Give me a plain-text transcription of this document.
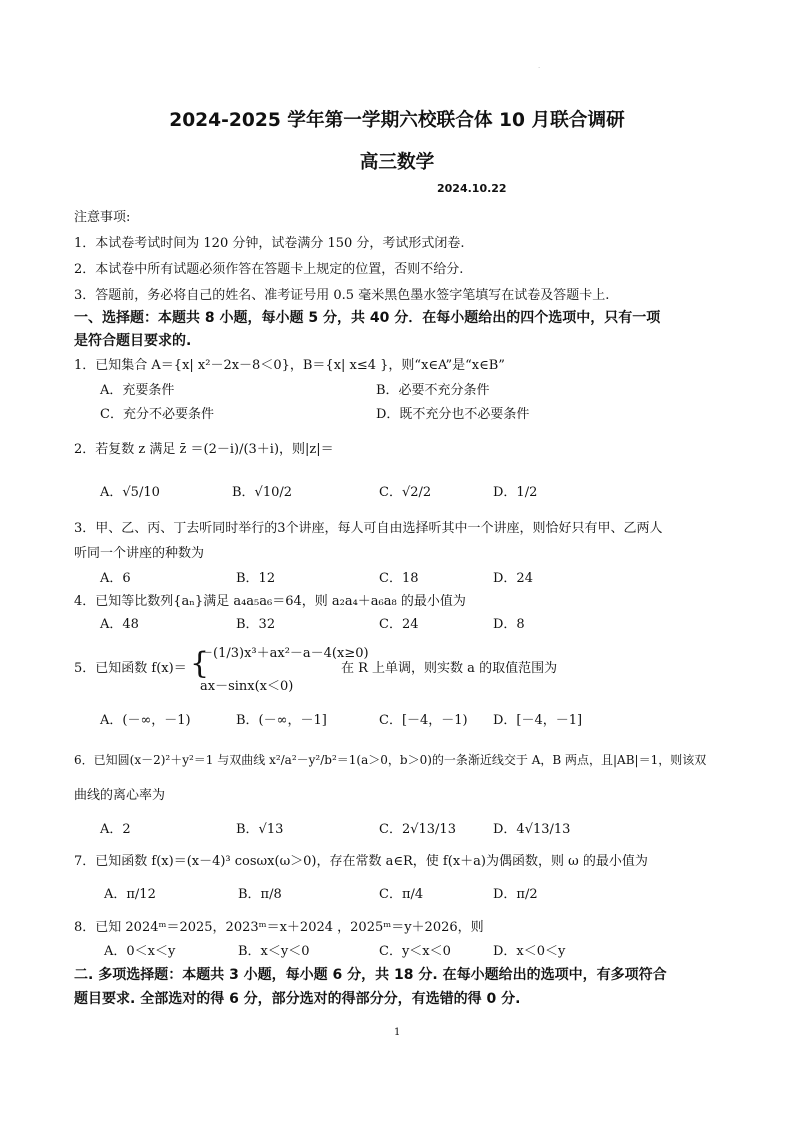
·
2024-2025 学年第一学期六校联合体 10 月联合调研
高三数学
2024.10.22
注意事项:
1．本试卷考试时间为 120 分钟，试卷满分 150 分，考试形式闭卷.
2．本试卷中所有试题必须作答在答题卡上规定的位置，否则不给分.
3．答题前，务必将自己的姓名、准考证号用 0.5 毫米黑色墨水签字笔填写在试卷及答题卡上.
一、选择题：本题共 8 小题，每小题 5 分，共 40 分．在每小题给出的四个选项中，只有一项
是符合题目要求的.
1．已知集合 A＝{x| x²－2x－8＜0}，B＝{x| x≤4 }，则“x∈A”是“x∈B”
A．充要条件	B．必要不充分条件
C．充分不必要条件	D．既不充分也不必要条件
2．若复数 z 满足 z̄ ＝(2－i)/(3＋i)，则|z|＝
A．√5/10	B．√10/2	C．√2/2	D．1/2
3．甲、乙、丙、丁去听同时举行的3个讲座，每人可自由选择听其中一个讲座，则恰好只有甲、乙两人
听同一个讲座的种数为
A．6	B．12	C．18	D．24
4．已知等比数列{aₙ}满足 a₄a₅a₆＝64，则 a₂a₄＋a₆a₈ 的最小值为
A．48	B．32	C．24	D．8
5．已知函数 f(x)＝ {
－(1/3)x³＋ax²－a－4(x≥0)
ax－sinx(x＜0)
在 R 上单调，则实数 a 的取值范围为
A．(－∞，－1)	B．(－∞，－1]	C．[－4，－1) D．[－4，－1]
6．已知圆(x－2)²＋y²＝1 与双曲线 x²/a²－y²/b²＝1(a＞0，b＞0)的一条渐近线交于 A，B 两点，且|AB|＝1，则该双
曲线的离心率为
A．2	B．√13	C．2√13/13	D．4√13/13
7．已知函数 f(x)＝(x－4)³ cosωx(ω＞0)，存在常数 a∈R，使 f(x＋a)为偶函数，则 ω 的最小值为
A．π/12	B．π/8	C．π/4	D．π/2
8．已知 2024ᵐ＝2025，2023ᵐ＝x＋2024 ，2025ᵐ＝y＋2026，则
A．0＜x＜y	B．x＜y＜0	C．y＜x＜0	D．x＜0＜y
二. 多项选择题：本题共 3 小题，每小题 6 分，共 18 分. 在每小题给出的选项中，有多项符合
题目要求. 全部选对的得 6 分，部分选对的得部分分，有选错的得 0 分.
1
